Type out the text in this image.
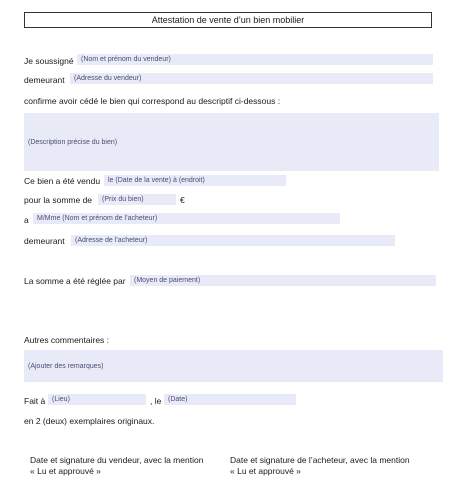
Attestation de vente d’un bien mobilier
Je soussigné	(Nom et prénom du vendeur)
demeurant	(Adresse du vendeur)
confirme avoir cédé le bien qui correspond au descriptif ci-dessous :
(Description précise du bien)
Ce bien a été vendu	le (Date de la vente) à (endroit)
pour la somme de	(Prix du bien)	€
a	M/Mme (Nom et prénom de l’acheteur)
demeurant	(Adresse de l’acheteur)
La somme a été réglée par	(Moyen de paiement)
Autres commentaires :
(Ajouter des remarques)
Fait à (Lieu)	, le (Date)
en 2 (deux) exemplaires originaux.
Date et signature du vendeur, avec la mention
« Lu et approuvé »
Date et signature de l’acheteur, avec la mention
« Lu et approuvé »
